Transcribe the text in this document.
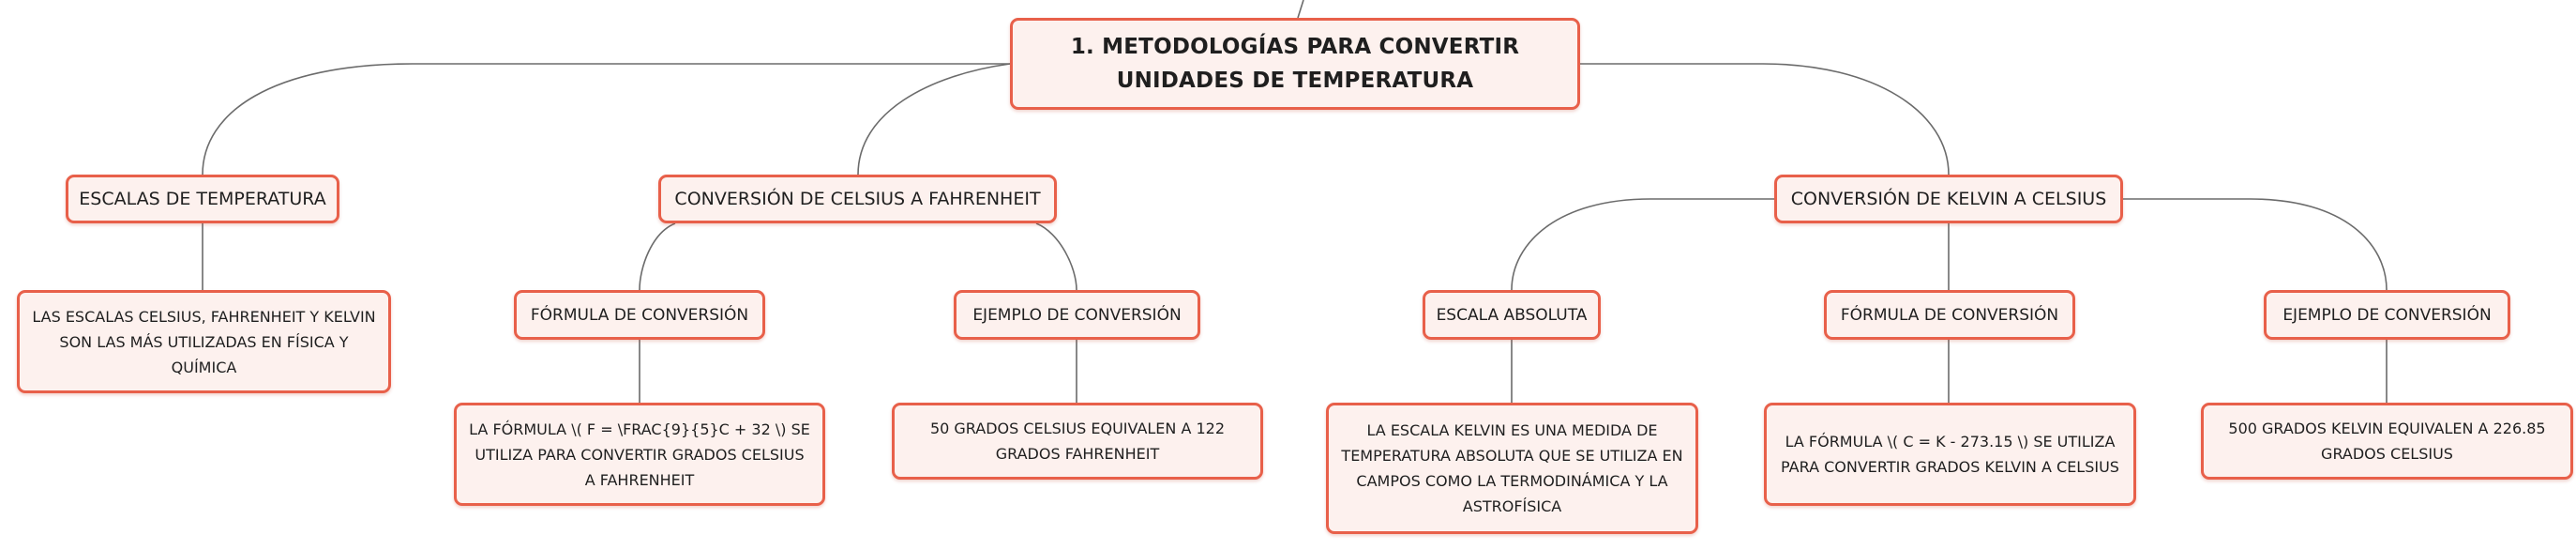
1. METODOLOGÍAS PARA CONVERTIR UNIDADES DE TEMPERATURA
ESCALAS DE TEMPERATURA	CONVERSIÓN DE CELSIUS A FAHRENHEIT	CONVERSIÓN DE KELVIN A CELSIUS
LAS ESCALAS CELSIUS, FAHRENHEIT Y KELVIN SON LAS MÁS UTILIZADAS EN FÍSICA Y QUÍMICA
FÓRMULA DE CONVERSIÓN	EJEMPLO DE CONVERSIÓN	ESCALA ABSOLUTA	FÓRMULA DE CONVERSIÓN	EJEMPLO DE CONVERSIÓN
LA FÓRMULA \( F = \FRAC{9}{5}C + 32 \) SE UTILIZA PARA CONVERTIR GRADOS CELSIUS A FAHRENHEIT
50 GRADOS CELSIUS EQUIVALEN A 122 GRADOS FAHRENHEIT
LA ESCALA KELVIN ES UNA MEDIDA DE TEMPERATURA ABSOLUTA QUE SE UTILIZA EN CAMPOS COMO LA TERMODINÁMICA Y LA ASTROFÍSICA
LA FÓRMULA \( C = K - 273.15 \) SE UTILIZA PARA CONVERTIR GRADOS KELVIN A CELSIUS
500 GRADOS KELVIN EQUIVALEN A 226.85 GRADOS CELSIUS
